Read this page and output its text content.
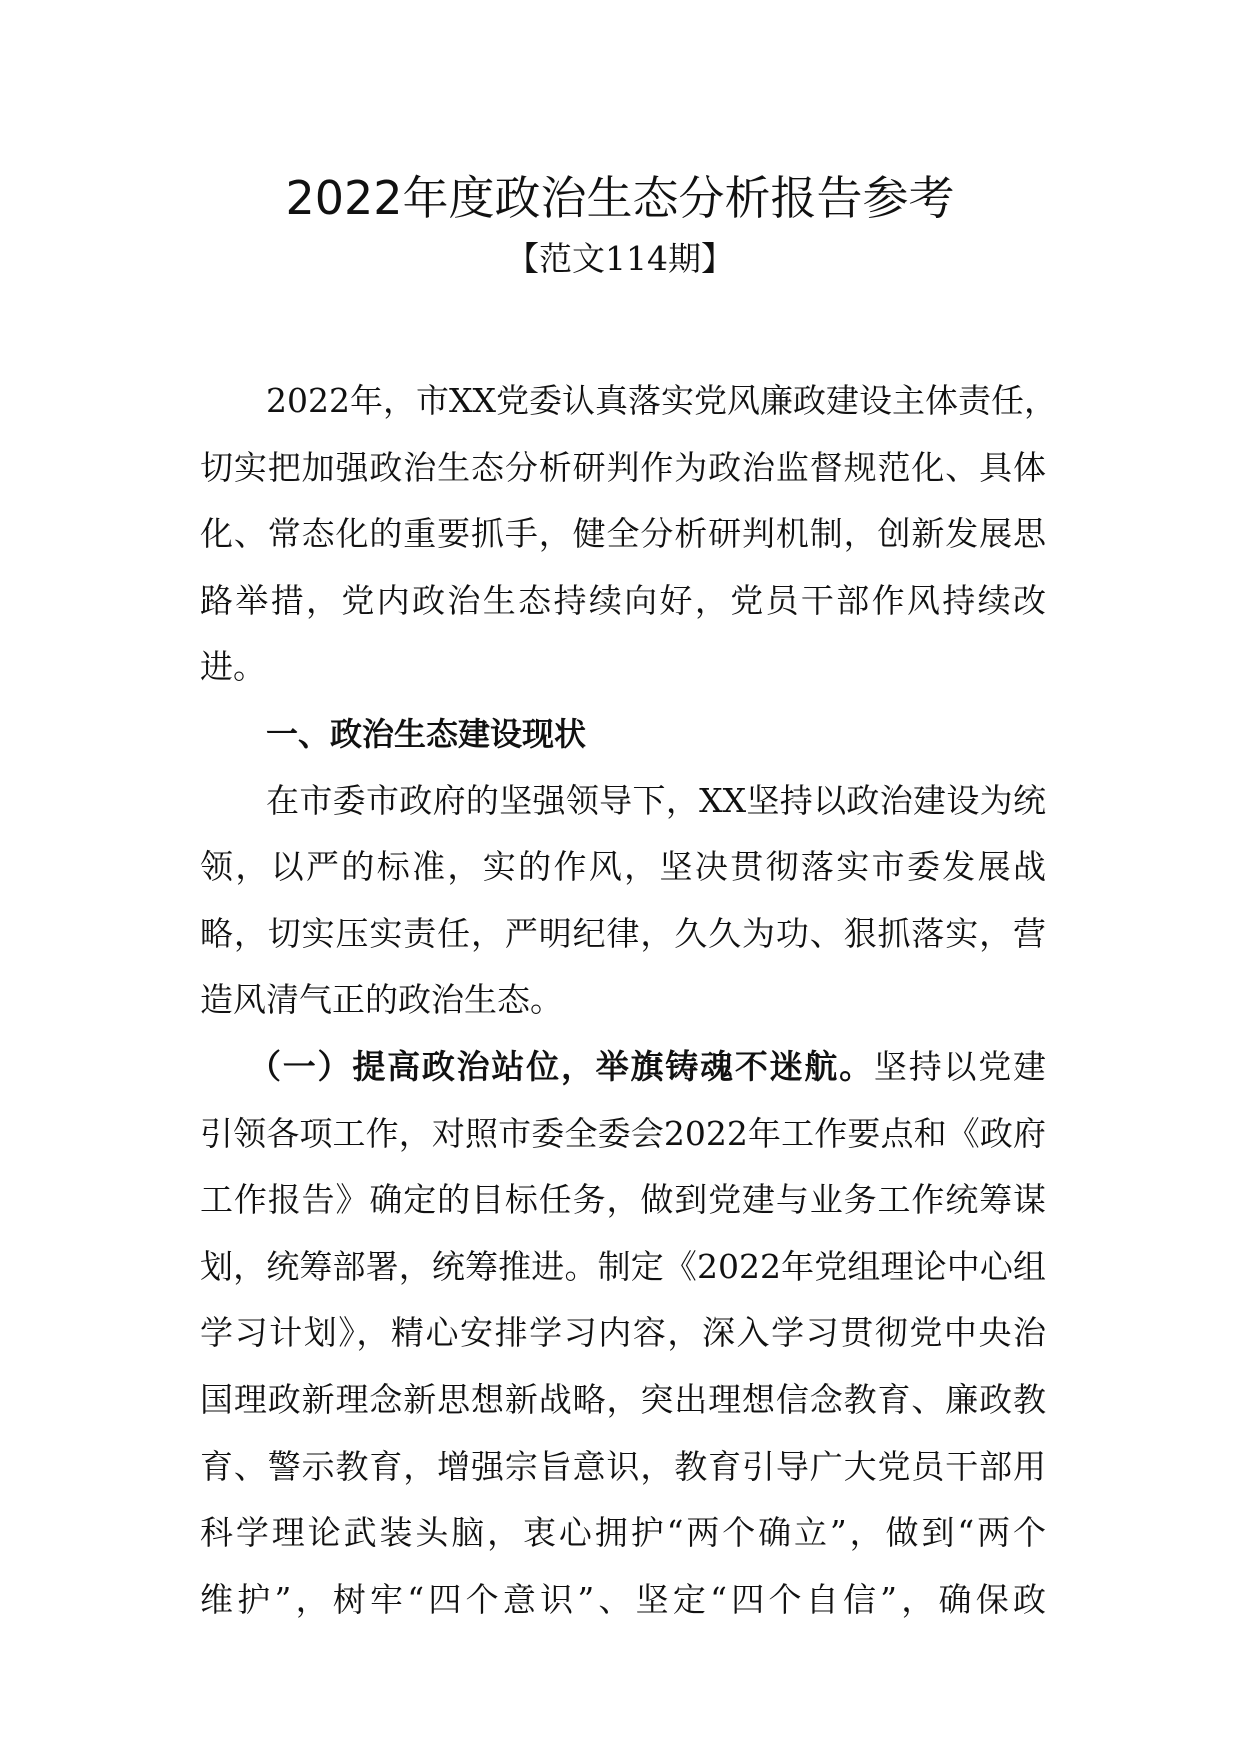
2022年度政治生态分析报告参考
【范文114期】
2022年，市XX党委认真落实党风廉政建设主体责任，
切实把加强政治生态分析研判作为政治监督规范化、具体
化、常态化的重要抓手，健全分析研判机制，创新发展思
路举措，党内政治生态持续向好，党员干部作风持续改
进。
一、政治生态建设现状
在市委市政府的坚强领导下，XX坚持以政治建设为统
领，以严的标准，实的作风，坚决贯彻落实市委发展战
略，切实压实责任，严明纪律，久久为功、狠抓落实，营
造风清气正的政治生态。
（一）提高政治站位，举旗铸魂不迷航。坚持以党建
引领各项工作，对照市委全委会2022年工作要点和《政府
工作报告》确定的目标任务，做到党建与业务工作统筹谋
划，统筹部署，统筹推进。制定《2022年党组理论中心组
学习计划》，精心安排学习内容，深入学习贯彻党中央治
国理政新理念新思想新战略，突出理想信念教育、廉政教
育、警示教育，增强宗旨意识，教育引导广大党员干部用
科学理论武装头脑，衷心拥护“两个确立”，做到“两个
维护”，树牢“四个意识”、坚定“四个自信”，确保政
